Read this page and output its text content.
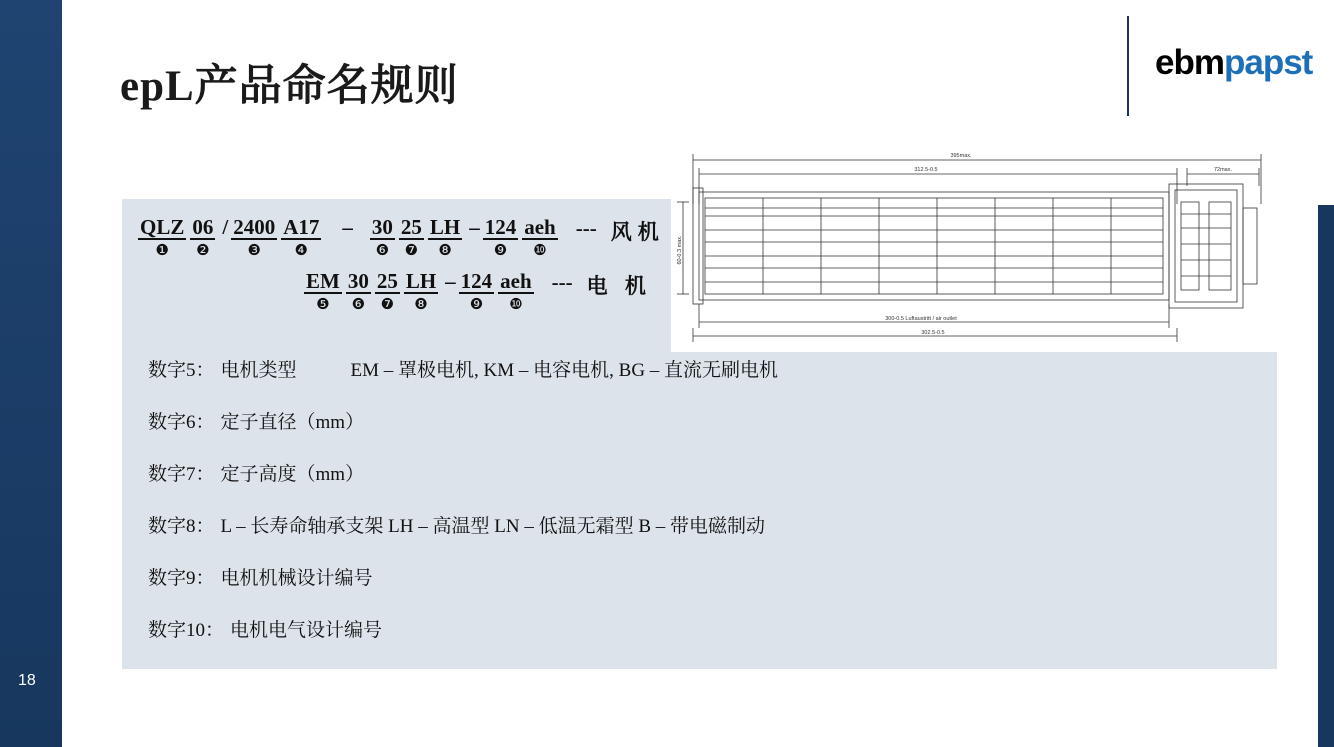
ebmpapst
epL产品命名规则
395max.
312.5-0.5	72max.
300-0.5 Luftaustritt / air outlet
302.5-0.5
60-0.3 max.
QLZ
❶
06
❷
/ 2400
❸
A17
❹
– 30
❻
25
❼
LH
❽
– 124
❾
aeh
❿
--- 风机
EM
❺
30
❻
25
❼
LH
❽
– 124
❾
aeh
❿
--- 电 机
数字5： 电机类型	EM – 罩极电机, KM – 电容电机, BG – 直流无刷电机
数字6： 定子直径（mm）
数字7： 定子高度（mm）
数字8： L – 长寿命轴承支架 LH – 高温型 LN – 低温无霜型 B – 带电磁制动
数字9： 电机机械设计编号
数字10： 电机电气设计编号
18
